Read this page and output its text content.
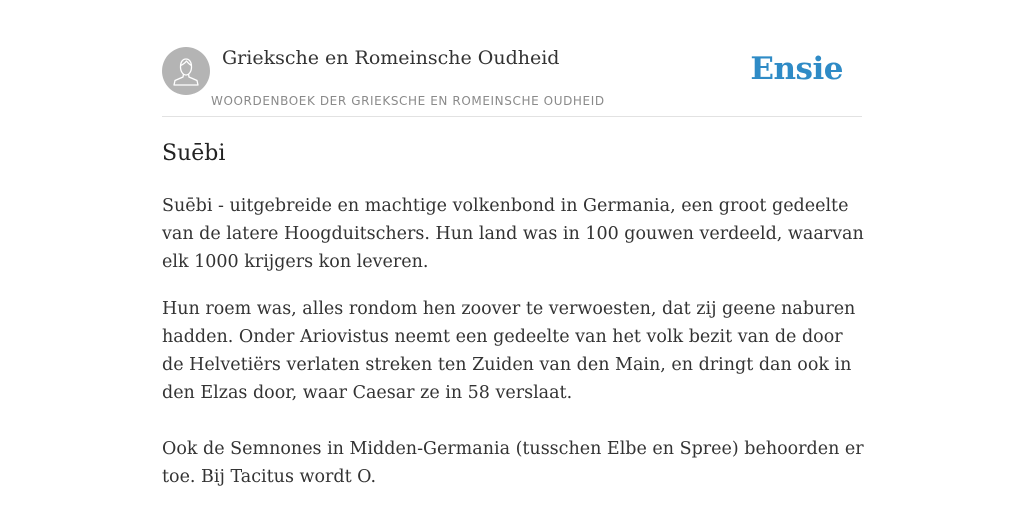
Grieksche en Romeinsche Oudheid
WOORDENBOEK DER GRIEKSCHE EN ROMEINSCHE OUDHEID
Ensie
Suēbi

Suēbi - uitgebreide en machtige volkenbond in Germania, een groot gedeelte van de latere Hoogduitschers. Hun land was in 100 gouwen verdeeld, waarvan elk 1000 krijgers kon leveren.

Hun roem was, alles rondom hen zoover te verwoesten, dat zij geene naburen hadden. Onder Ariovistus neemt een gedeelte van het volk bezit van de door de Helvetiërs verlaten streken ten Zuiden van den Main, en dringt dan ook in den Elzas door, waar Caesar ze in 58 verslaat.

Ook de Semnones in Midden-Germania (tusschen Elbe en Spree) behoorden er toe. Bij Tacitus wordt O.
